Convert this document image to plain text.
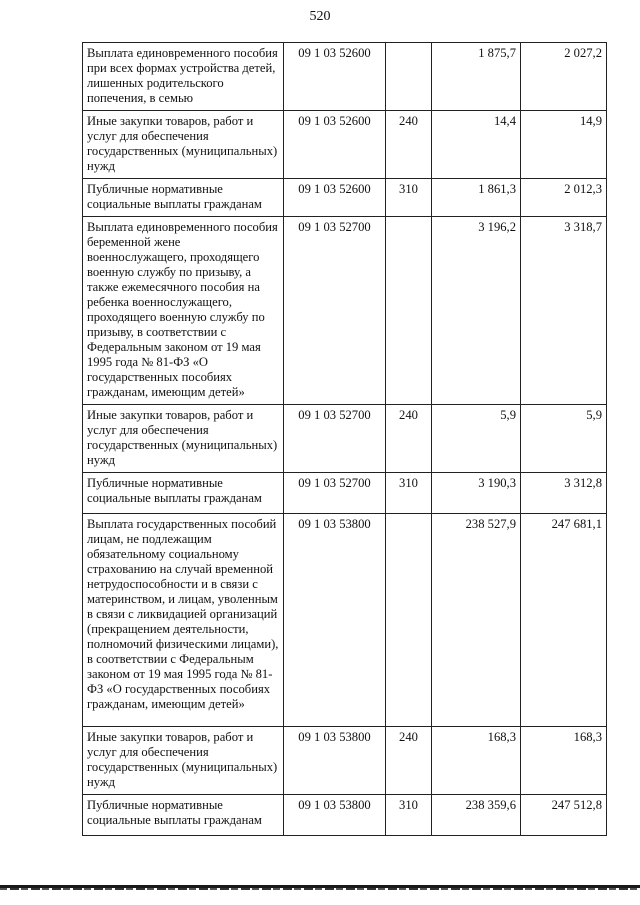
520
Выплата единовременного пособия при всех формах устройства детей, лишенных родительского попечения, в семью	09 1 03 52600		1 875,7	2 027,2
Иные закупки товаров, работ и услуг для обеспечения государственных (муниципальных) нужд	09 1 03 52600	240	14,4	14,9
Публичные нормативные социальные выплаты гражданам	09 1 03 52600	310	1 861,3	2 012,3
Выплата единовременного пособия беременной жене военнослужащего, проходящего военную службу по призыву, а также ежемесячного пособия на ребенка военнослужащего, проходящего военную службу по призыву, в соответствии с Федеральным законом от 19 мая 1995 года № 81-ФЗ «О государственных пособиях гражданам, имеющим детей»	09 1 03 52700		3 196,2	3 318,7
Иные закупки товаров, работ и услуг для обеспечения государственных (муниципальных) нужд	09 1 03 52700	240	5,9	5,9
Публичные нормативные социальные выплаты гражданам	09 1 03 52700	310	3 190,3	3 312,8
Выплата государственных пособий лицам, не подлежащим обязательному социальному страхованию на случай временной нетрудоспособности и в связи с материнством, и лицам, уволенным в связи с ликвидацией организаций (прекращением деятельности, полномочий физическими лицами), в соответствии с Федеральным законом от 19 мая 1995 года № 81-ФЗ «О государственных пособиях гражданам, имеющим детей»	09 1 03 53800		238 527,9	247 681,1
Иные закупки товаров, работ и услуг для обеспечения государственных (муниципальных) нужд	09 1 03 53800	240	168,3	168,3
Публичные нормативные социальные выплаты гражданам	09 1 03 53800	310	238 359,6	247 512,8
